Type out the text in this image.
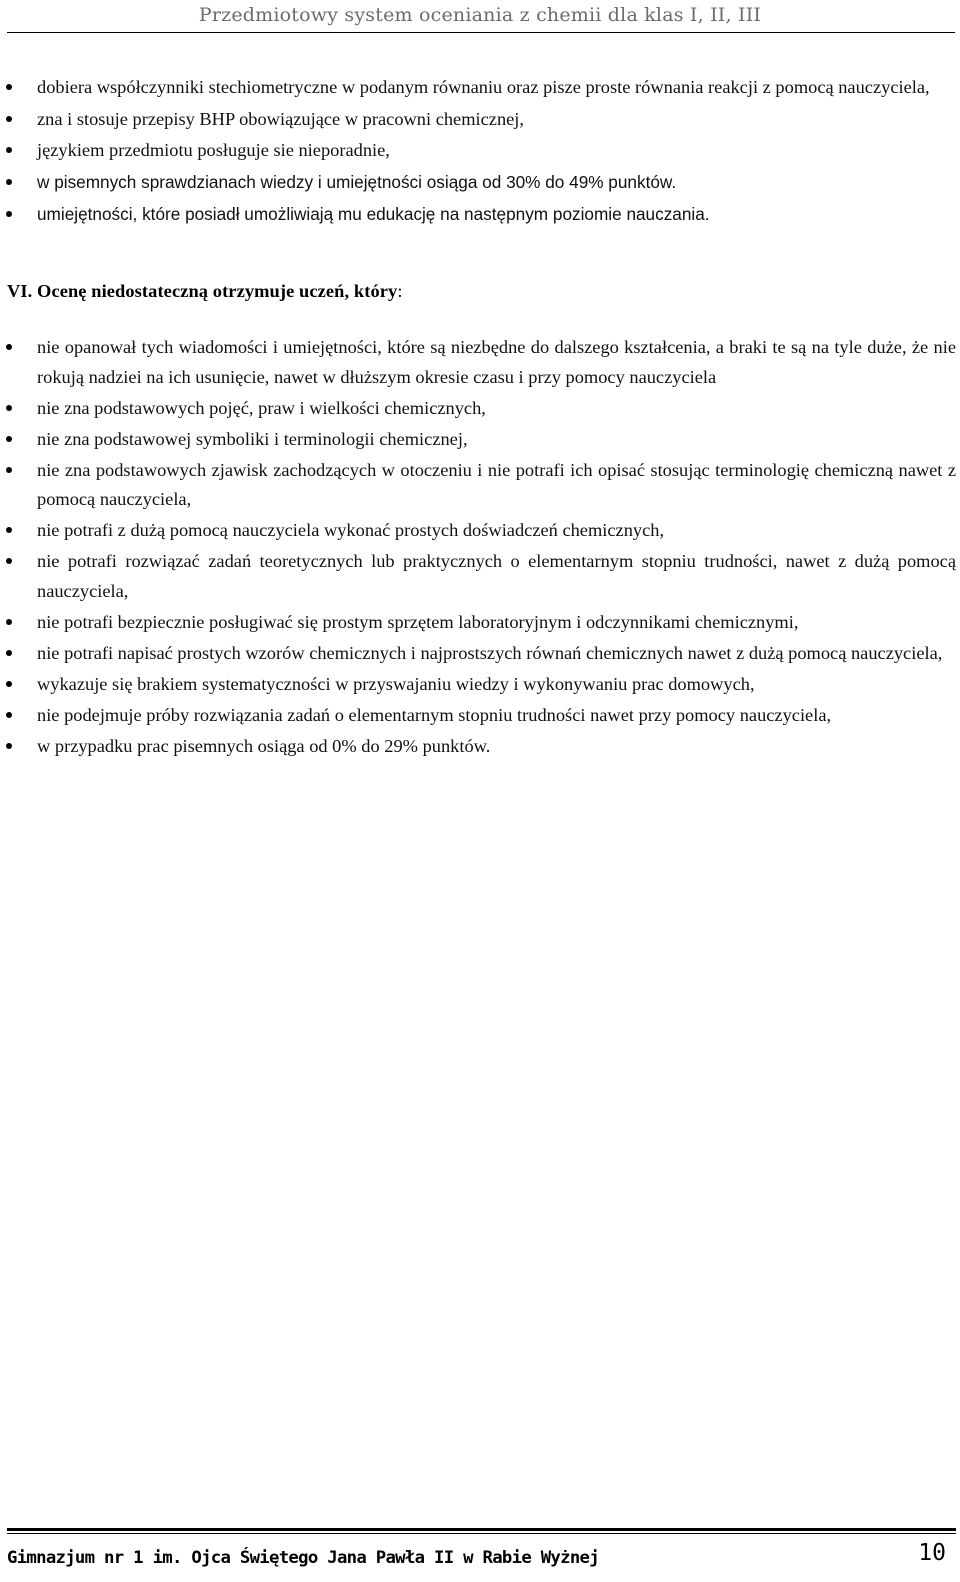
Przedmiotowy system oceniania z chemii dla klas I, II, III
dobiera współczynniki stechiometryczne w podanym równaniu oraz pisze proste równania reakcji z pomocą nauczyciela,
zna i stosuje przepisy BHP obowiązujące w pracowni chemicznej,
językiem przedmiotu posługuje sie nieporadnie,
w pisemnych sprawdzianach wiedzy i umiejętności osiąga od 30% do 49% punktów.
umiejętności, które posiadł umożliwiają mu edukację na następnym poziomie nauczania.
VI. Ocenę niedostateczną otrzymuje uczeń, który:
nie opanował tych wiadomości i umiejętności, które są niezbędne do dalszego kształcenia, a braki te są na tyle duże, że nie rokują nadziei na ich usunięcie, nawet w dłuższym okresie czasu i przy pomocy nauczyciela
nie zna podstawowych pojęć, praw i wielkości chemicznych,
nie zna podstawowej symboliki i terminologii chemicznej,
nie zna podstawowych zjawisk zachodzących w otoczeniu i nie potrafi ich opisać stosując terminologię chemiczną nawet z pomocą nauczyciela,
nie potrafi z dużą pomocą nauczyciela wykonać prostych doświadczeń chemicznych,
nie potrafi rozwiązać zadań teoretycznych lub praktycznych o elementarnym stopniu trudności, nawet z dużą pomocą nauczyciela,
nie potrafi bezpiecznie posługiwać się prostym sprzętem laboratoryjnym i odczynnikami chemicznymi,
nie potrafi napisać prostych wzorów chemicznych i najprostszych równań chemicznych nawet z dużą pomocą nauczyciela,
wykazuje się brakiem systematyczności w przyswajaniu wiedzy i wykonywaniu prac domowych,
nie podejmuje próby rozwiązania zadań o elementarnym stopniu trudności nawet przy pomocy nauczyciela,
w przypadku prac pisemnych osiąga od 0% do 29% punktów.
Gimnazjum nr 1 im. Ojca Świętego Jana Pawła II w Rabie Wyżnej	10
